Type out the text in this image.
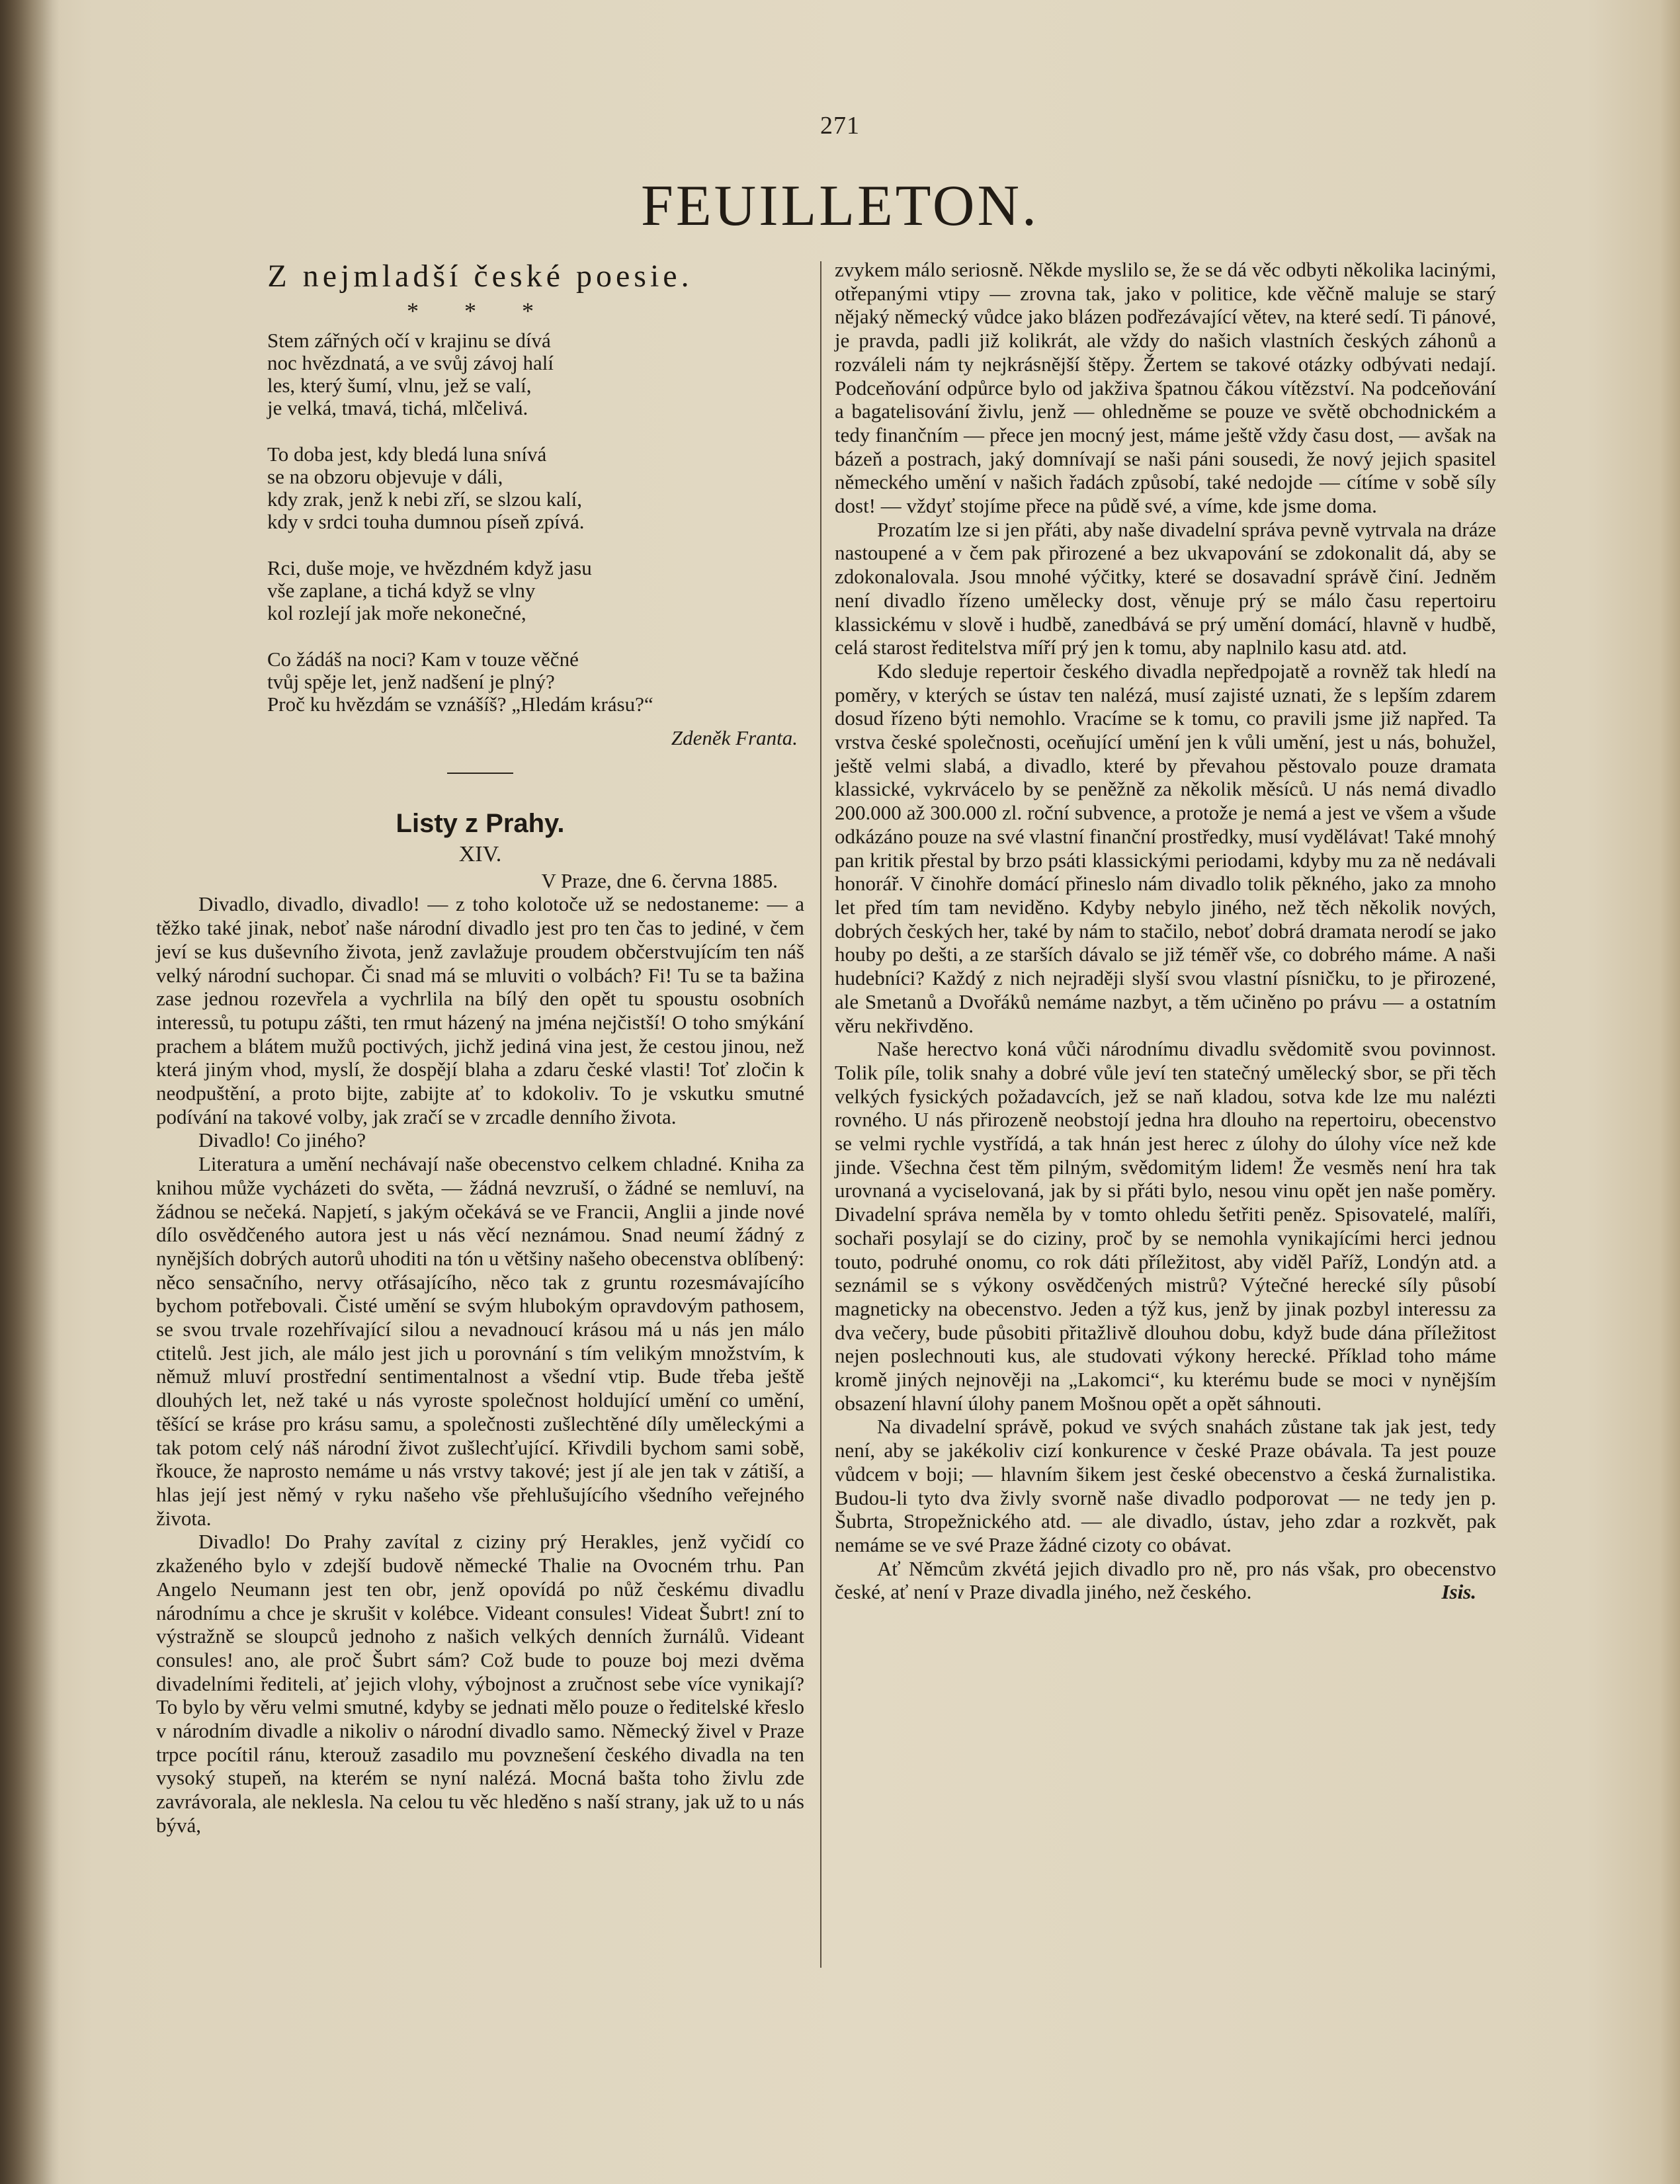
271
FEUILLETON.
Z nejmladší české poesie.
* * *
Stem zářných očí v krajinu se dívá
noc hvězdnatá, a ve svůj závoj halí
les, který šumí, vlnu, jež se valí,
je velká, tmavá, tichá, mlčelivá.
To doba jest, kdy bledá luna snívá
se na obzoru objevuje v dáli,
kdy zrak, jenž k nebi zří, se slzou kalí,
kdy v srdci touha dumnou píseň zpívá.
Rci, duše moje, ve hvězdném když jasu
vše zaplane, a tichá když se vlny
kol rozlejí jak moře nekonečné,
Co žádáš na noci? Kam v touze věčné
tvůj spěje let, jenž nadšení je plný?
Proč ku hvězdám se vznášíš? „Hledám krásu?“
Zdeněk Franta.
Listy z Prahy.
XIV.
V Praze, dne 6. června 1885.

Divadlo, divadlo, divadlo! — z toho kolotoče už se nedostaneme: — a těžko také jinak, neboť naše národní divadlo jest pro ten čas to jediné, v čem jeví se kus duševního života, jenž zavlažuje proudem občerstvujícím ten náš velký národní suchopar. Či snad má se mluviti o volbách? Fi! Tu se ta bažina zase jednou rozevřela a vychrlila na bílý den opět tu spoustu osobních interessů, tu potupu zášti, ten rmut házený na jména nejčistší! O toho smýkání prachem a blátem mužů poctivých, jichž jediná vina jest, že cestou jinou, než která jiným vhod, myslí, že dospějí blaha a zdaru české vlasti! Toť zločin k neodpuštění, a proto bijte, zabijte ať to kdokoliv. To je vskutku smutné podívání na takové volby, jak zračí se v zrcadle denního života.

Divadlo! Co jiného?

Literatura a umění nechávají naše obecenstvo celkem chladné. Kniha za knihou může vycházeti do světa, — žádná nevzruší, o žádné se nemluví, na žádnou se nečeká. Napjetí, s jakým očekává se ve Francii, Anglii a jinde nové dílo osvědčeného autora jest u nás věcí neznámou. Snad neumí žádný z nynějších dobrých autorů uhoditi na tón u většiny našeho obecenstva oblíbený: něco sensačního, nervy otřásajícího, něco tak z gruntu rozesmávajícího bychom potřebovali. Čisté umění se svým hlubokým opravdovým pathosem, se svou trvale rozehřívající silou a nevadnoucí krásou má u nás jen málo ctitelů. Jest jich, ale málo jest jich u porovnání s tím velikým množstvím, k němuž mluví prostřední sentimentalnost a všední vtip. Bude třeba ještě dlouhých let, než také u nás vyroste společnost holdující umění co umění, těšící se kráse pro krásu samu, a společnosti zušlechtěné díly uměleckými a tak potom celý náš národní život zušlechťující. Křivdili bychom sami sobě, řkouce, že naprosto nemáme u nás vrstvy takové; jest jí ale jen tak v zátiší, a hlas její jest němý v ryku našeho vše přehlušujícího všedního veřejného života.

Divadlo! Do Prahy zavítal z ciziny prý Herakles, jenž vyčidí co zkaženého bylo v zdejší budově německé Thalie na Ovocném trhu. Pan Angelo Neumann jest ten obr, jenž opovídá po nůž českému divadlu národnímu a chce je skrušit v kolébce. Videant consules! Videat Šubrt! zní to výstražně se sloupců jednoho z našich velkých denních žurnálů. Videant consules! ano, ale proč Šubrt sám? Což bude to pouze boj mezi dvěma divadelními řediteli, ať jejich vlohy, výbojnost a zručnost sebe více vynikají? To bylo by věru velmi smutné, kdyby se jednati mělo pouze o ředitelské křeslo v národním divadle a nikoliv o národní divadlo samo. Německý živel v Praze trpce pocítil ránu, kterouž zasadilo mu povznešení českého divadla na ten vysoký stupeň, na kterém se nyní nalézá. Mocná bašta toho živlu zde zavrávorala, ale neklesla. Na celou tu věc hleděno s naší strany, jak už to u nás bývá,

zvykem málo seriosně. Někde myslilo se, že se dá věc odbyti několika lacinými, otřepanými vtipy — zrovna tak, jako v politice, kde věčně maluje se starý nějaký německý vůdce jako blázen podřezávající větev, na které sedí. Ti pánové, je pravda, padli již kolikrát, ale vždy do našich vlastních českých záhonů a rozváleli nám ty nejkrásnější štěpy. Žertem se takové otázky odbývati nedají. Podceňování odpůrce bylo od jakživa špatnou čákou vítězství. Na podceňování a bagatelisování živlu, jenž — ohledněme se pouze ve světě obchodnickém a tedy finančním — přece jen mocný jest, máme ještě vždy času dost, — avšak na bázeň a postrach, jaký domnívají se naši páni sousedi, že nový jejich spasitel německého umění v našich řadách způsobí, také nedojde — cítíme v sobě síly dost! — vždyť stojíme přece na půdě své, a víme, kde jsme doma.

Prozatím lze si jen přáti, aby naše divadelní správa pevně vytrvala na dráze nastoupené a v čem pak přirozené a bez ukvapování se zdokonalit dá, aby se zdokonalovala. Jsou mnohé výčitky, které se dosavadní správě činí. Jedněm není divadlo řízeno umělecky dost, věnuje prý se málo času repertoiru klassickému v slově i hudbě, zanedbává se prý umění domácí, hlavně v hudbě, celá starost ředitelstva míří prý jen k tomu, aby naplnilo kasu atd. atd.

Kdo sleduje repertoir českého divadla nepředpojatě a rovněž tak hledí na poměry, v kterých se ústav ten nalézá, musí zajisté uznati, že s lepším zdarem dosud řízeno býti nemohlo. Vracíme se k tomu, co pravili jsme již napřed. Ta vrstva české společnosti, oceňující umění jen k vůli umění, jest u nás, bohužel, ještě velmi slabá, a divadlo, které by převahou pěstovalo pouze dramata klassické, vykrvácelo by se peněžně za několik měsíců. U nás nemá divadlo 200.000 až 300.000 zl. roční subvence, a protože je nemá a jest ve všem a všude odkázáno pouze na své vlastní finanční prostředky, musí vydělávat! Také mnohý pan kritik přestal by brzo psáti klassickými periodami, kdyby mu za ně nedávali honorář. V činohře domácí přineslo nám divadlo tolik pěkného, jako za mnoho let před tím tam neviděno. Kdyby nebylo jiného, než těch několik nových, dobrých českých her, také by nám to stačilo, neboť dobrá dramata nerodí se jako houby po dešti, a ze starších dávalo se již téměř vše, co dobrého máme. A naši hudebníci? Každý z nich nejraději slyší svou vlastní písničku, to je přirozené, ale Smetanů a Dvořáků nemáme nazbyt, a těm učiněno po právu — a ostatním věru nekřivděno.

Naše herectvo koná vůči národnímu divadlu svědomitě svou povinnost. Tolik píle, tolik snahy a dobré vůle jeví ten statečný umělecký sbor, se při těch velkých fysických požadavcích, jež se naň kladou, sotva kde lze mu nalézti rovného. U nás přirozeně neobstojí jedna hra dlouho na repertoiru, obecenstvo se velmi rychle vystřídá, a tak hnán jest herec z úlohy do úlohy více než kde jinde. Všechna čest těm pilným, svědomitým lidem! Že vesměs není hra tak urovnaná a vyciselovaná, jak by si přáti bylo, nesou vinu opět jen naše poměry. Divadelní správa neměla by v tomto ohledu šetřiti peněz. Spisovatelé, malíři, sochaři posylají se do ciziny, proč by se nemohla vynikajícími herci jednou touto, podruhé onomu, co rok dáti příležitost, aby viděl Paříž, Londýn atd. a seznámil se s výkony osvědčených mistrů? Výtečné herecké síly působí magneticky na obecenstvo. Jeden a týž kus, jenž by jinak pozbyl interessu za dva večery, bude působiti přitažlivě dlouhou dobu, když bude dána příležitost nejen poslechnouti kus, ale studovati výkony herecké. Příklad toho máme kromě jiných nejnověji na „Lakomci“, ku kterému bude se moci v nynějším obsazení hlavní úlohy panem Mošnou opět a opět sáhnouti.

Na divadelní správě, pokud ve svých snahách zůstane tak jak jest, tedy není, aby se jakékoliv cizí konkurence v české Praze obávala. Ta jest pouze vůdcem v boji; — hlavním šikem jest české obecenstvo a česká žurnalistika. Budou-li tyto dva živly svorně naše divadlo podporovat — ne tedy jen p. Šubrta, Stropežnického atd. — ale divadlo, ústav, jeho zdar a rozkvět, pak nemáme se ve své Praze žádné cizoty co obávat.

Ať Němcům zkvétá jejich divadlo pro ně, pro nás však, pro obecenstvo české, ať není v Praze divadla jiného, než českého.	Isis.
